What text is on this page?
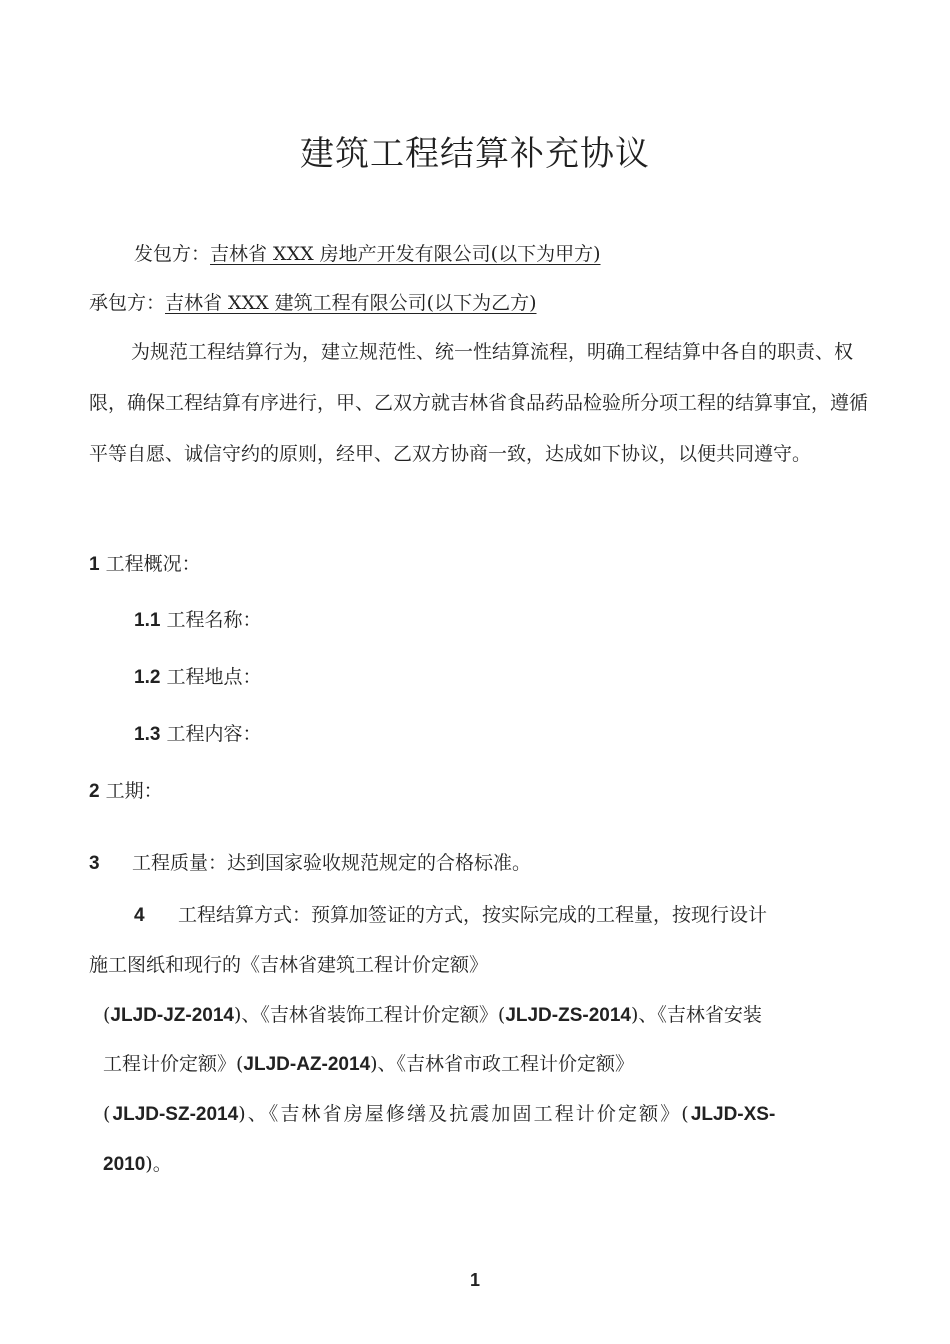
建筑工程结算补充协议
发包方：吉林省 XXX 房地产开发有限公司(以下为甲方)
承包方：吉林省 XXX 建筑工程有限公司(以下为乙方)
为规范工程结算行为，建立规范性、统一性结算流程，明确工程结算中各自的职责、权限，确保工程结算有序进行，甲、乙双方就吉林省食品药品检验所分项工程的结算事宜，遵循平等自愿、诚信守约的原则，经甲、乙双方协商一致，达成如下协议，以便共同遵守。
1 工程概况：
1.1 工程名称：
1.2 工程地点：
1.3 工程内容：
2 工期：
3 工程质量：达到国家验收规范规定的合格标准。
4 工程结算方式：预算加签证的方式，按实际完成的工程量，按现行设计
施工图纸和现行的《吉林省建筑工程计价定额》
(JLJD-JZ-2014)、《吉林省装饰工程计价定额》(JLJD-ZS-2014)、《吉林省安装
工程计价定额》(JLJD-AZ-2014)、《吉林省市政工程计价定额》
(JLJD-SZ-2014)、《吉林省房屋修缮及抗震加固工程计价定额》(JLJD-XS-
2010)。
1
